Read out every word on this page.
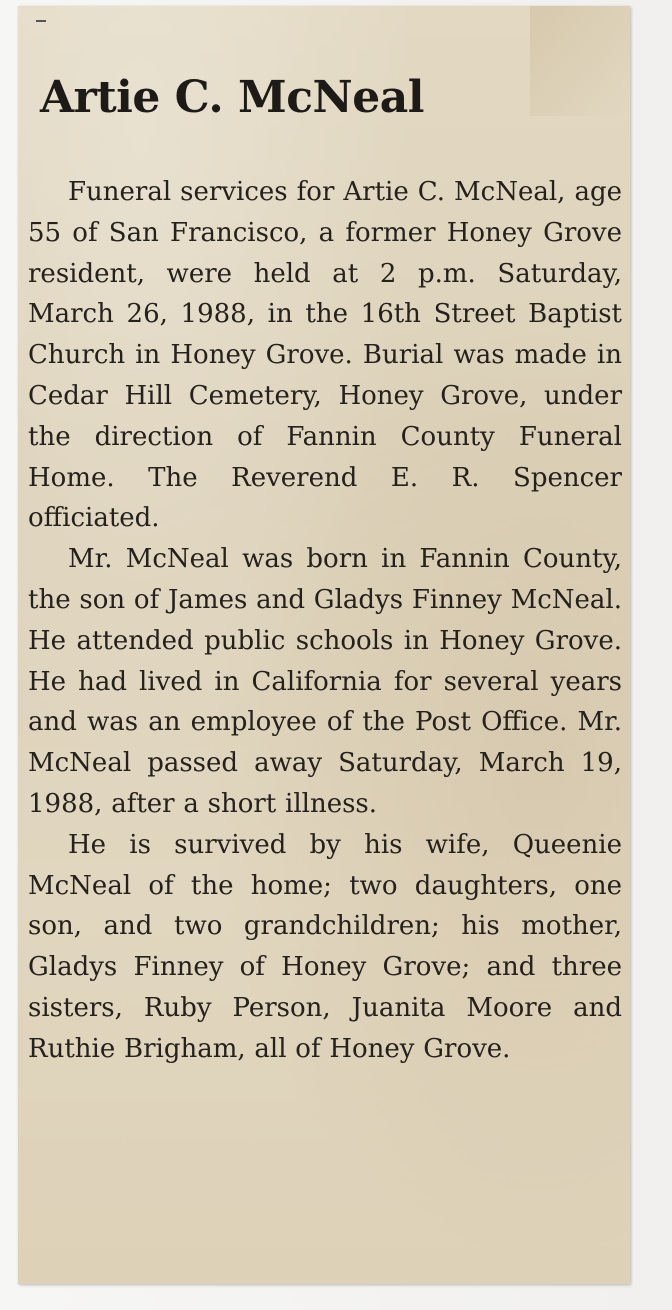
Artie C. McNeal

Funeral services for Artie C. McNeal, age 55 of San Francisco, a former Honey Grove resident, were held at 2 p.m. Saturday, March 26, 1988, in the 16th Street Baptist Church in Honey Grove. Burial was made in Cedar Hill Cemetery, Honey Grove, under the direction of Fannin County Funeral Home. The Reverend E. R. Spencer officiated.

Mr. McNeal was born in Fannin County, the son of James and Gladys Finney McNeal. He attended public schools in Honey Grove. He had lived in California for several years and was an employee of the Post Office. Mr. McNeal passed away Saturday, March 19, 1988, after a short illness.

He is survived by his wife, Queenie McNeal of the home; two daughters, one son, and two grandchildren; his mother, Gladys Finney of Honey Grove; and three sisters, Ruby Person, Juanita Moore and Ruthie Brigham, all of Honey Grove.
